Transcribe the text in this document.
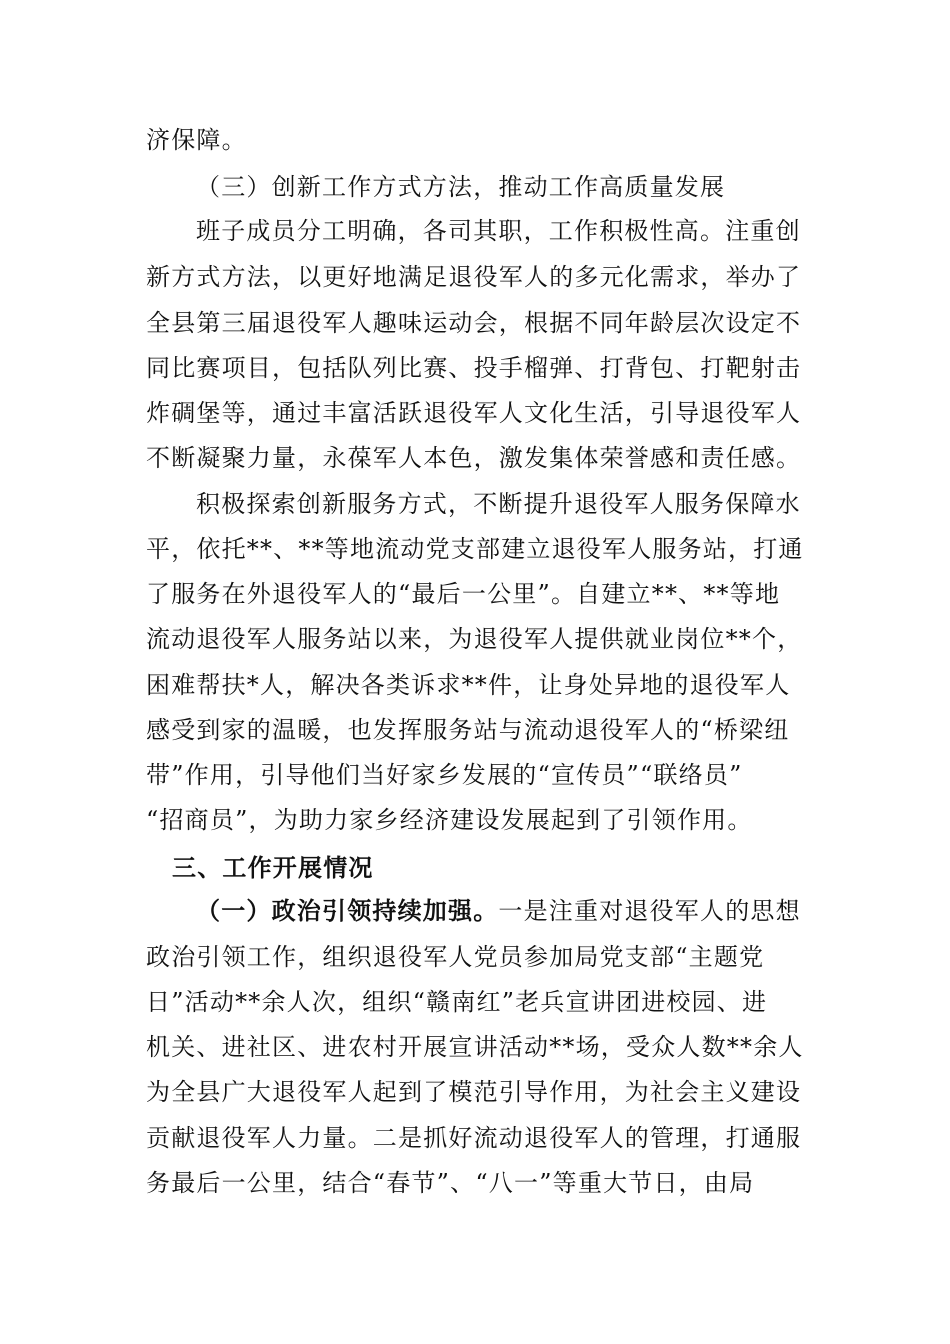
济保障。
（三）创新工作方式方法，推动工作高质量发展
班子成员分工明确，各司其职，工作积极性高。注重创
新方式方法，以更好地满足退役军人的多元化需求，举办了
全县第三届退役军人趣味运动会，根据不同年龄层次设定不
同比赛项目，包括队列比赛、投手榴弹、打背包、打靶射击
炸碉堡等，通过丰富活跃退役军人文化生活，引导退役军人
不断凝聚力量，永葆军人本色，激发集体荣誉感和责任感。
积极探索创新服务方式，不断提升退役军人服务保障水
平，依托**、**等地流动党支部建立退役军人服务站，打通
了服务在外退役军人的“最后一公里”。自建立**、**等地
流动退役军人服务站以来，为退役军人提供就业岗位**个，
困难帮扶*人，解决各类诉求**件，让身处异地的退役军人
感受到家的温暖，也发挥服务站与流动退役军人的“桥梁纽
带”作用，引导他们当好家乡发展的“宣传员”“联络员”
“招商员”，为助力家乡经济建设发展起到了引领作用。
三、工作开展情况
（一）政治引领持续加强。一是注重对退役军人的思想
政治引领工作，组织退役军人党员参加局党支部“主题党
日”活动**余人次，组织“赣南红”老兵宣讲团进校园、进
机关、进社区、进农村开展宣讲活动**场，受众人数**余人
为全县广大退役军人起到了模范引导作用，为社会主义建设
贡献退役军人力量。二是抓好流动退役军人的管理，打通服
务最后一公里，结合“春节”、“八一”等重大节日，由局
